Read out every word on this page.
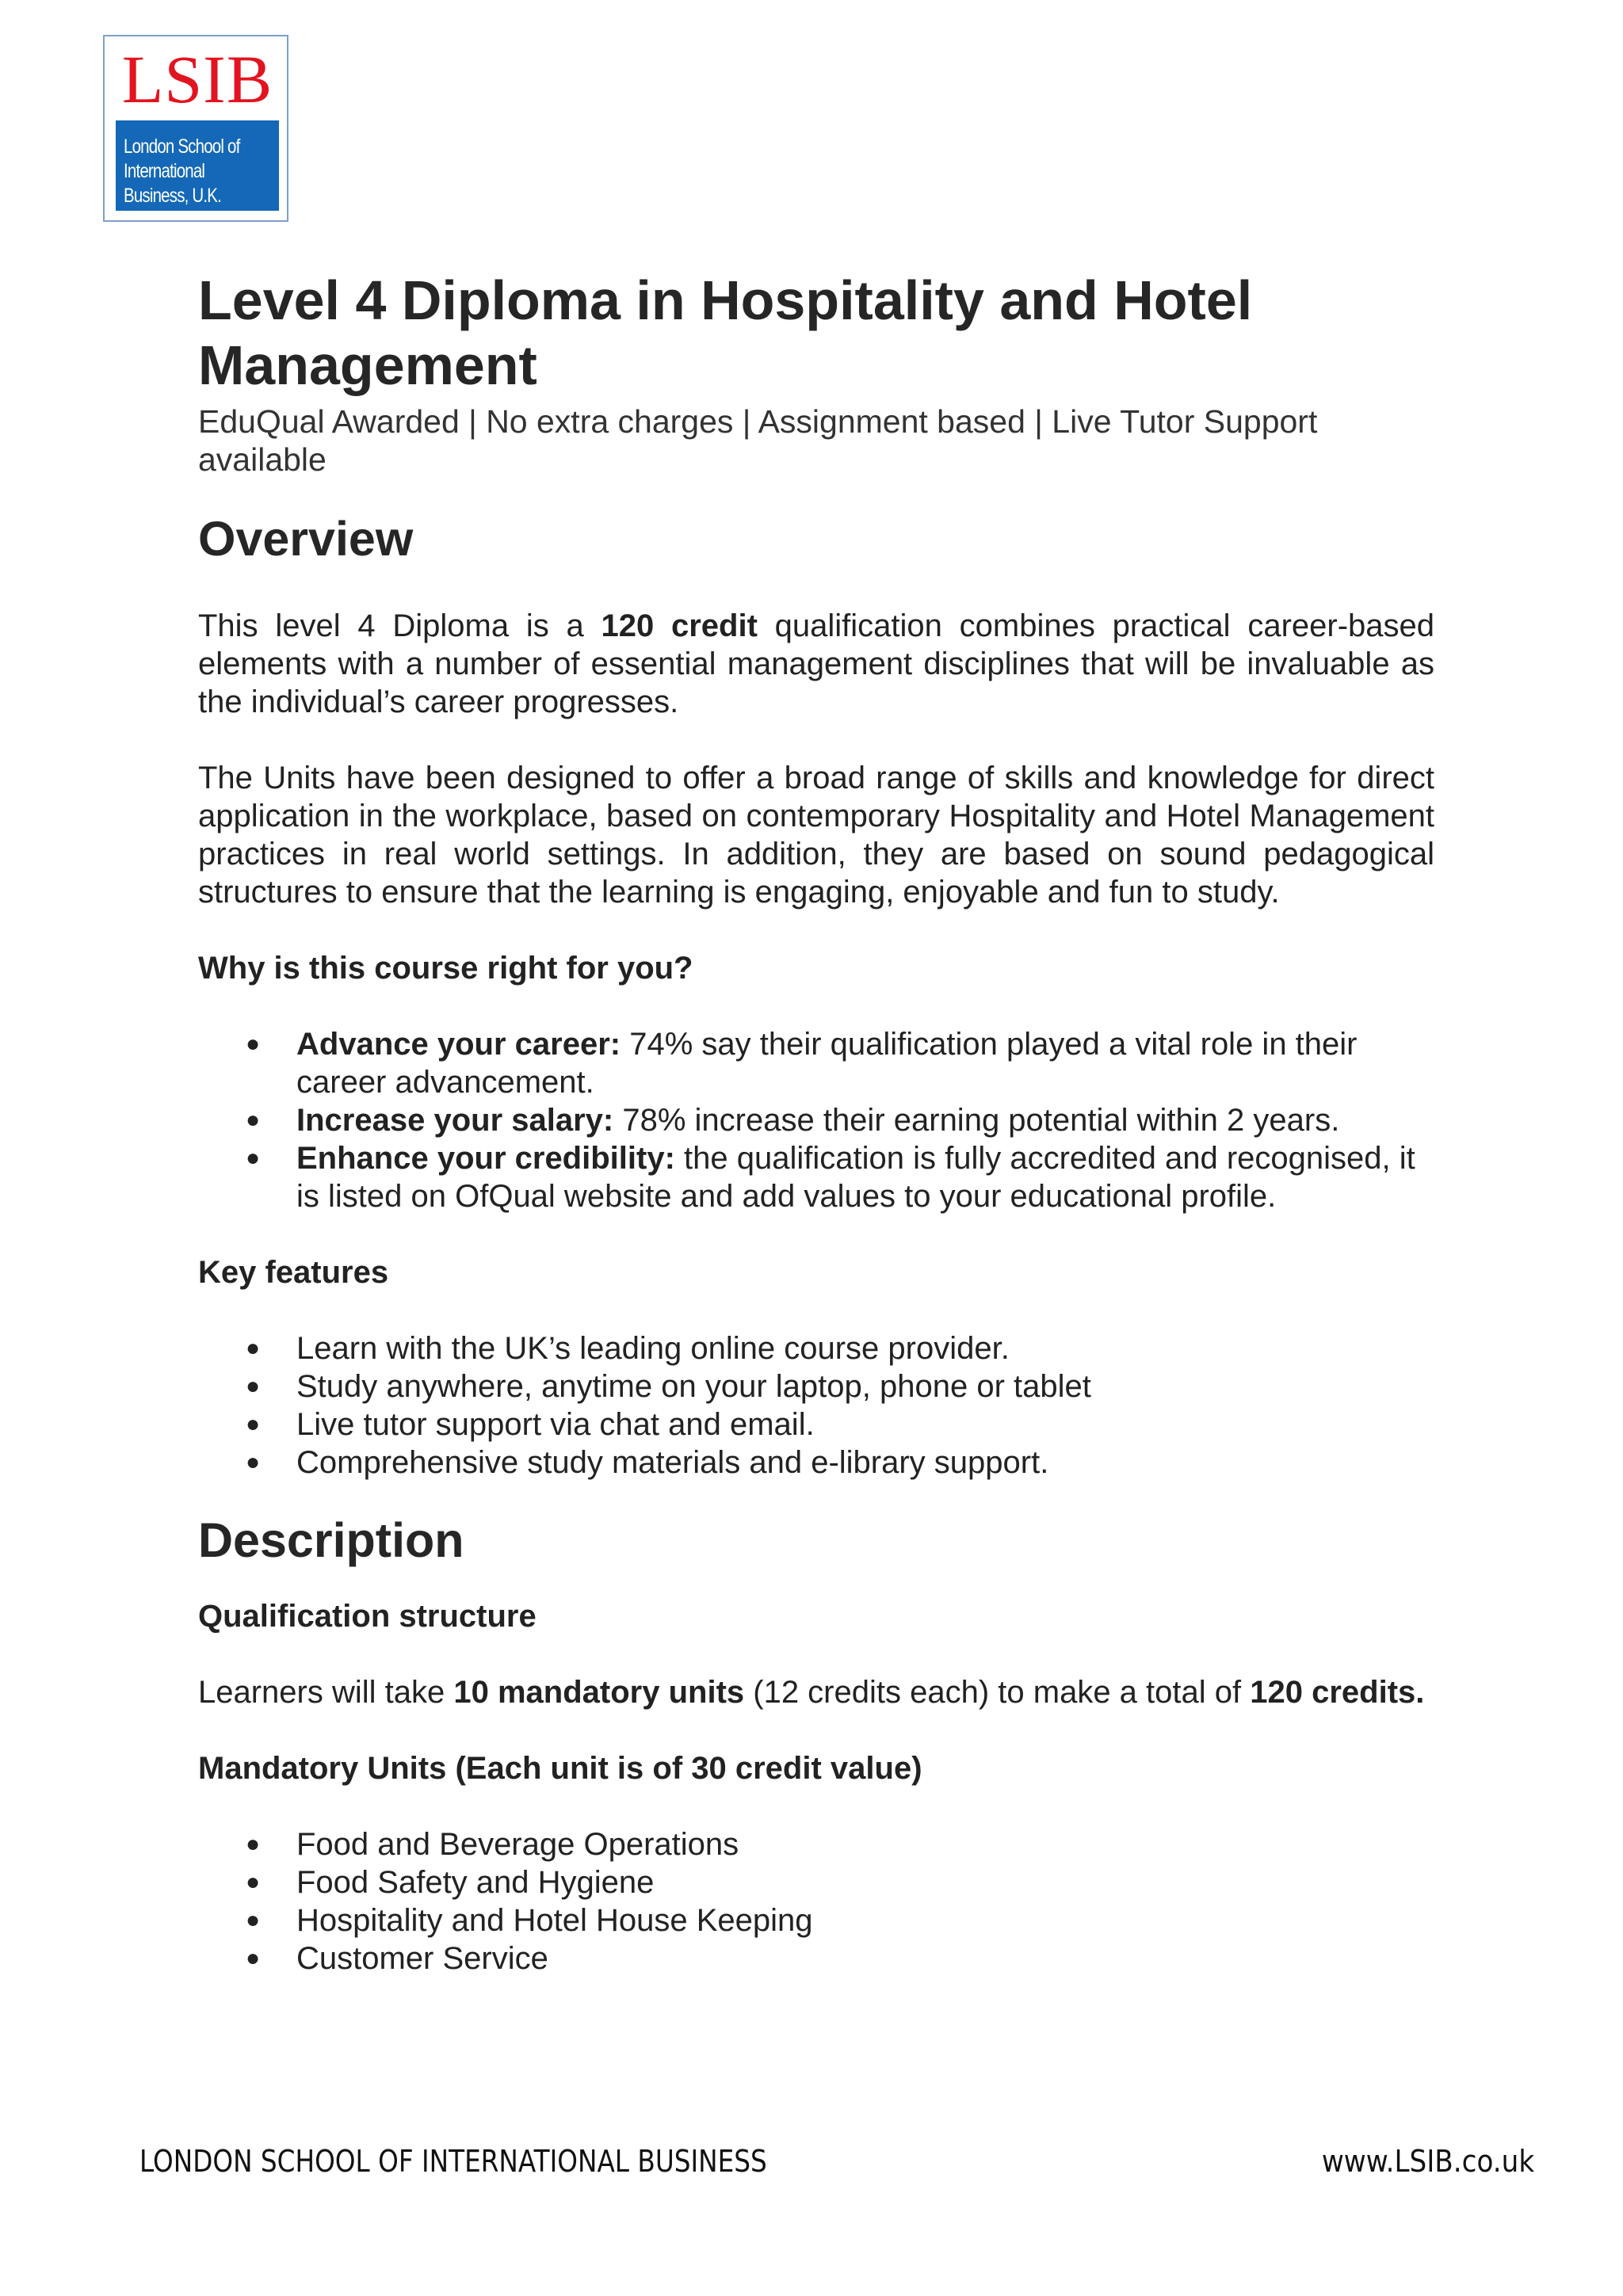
LSIB
London School of
International
Business, U.K.
Level 4 Diploma in Hospitality and Hotel Management
EduQual Awarded | No extra charges | Assignment based | Live Tutor Support available
Overview

This level 4 Diploma is a 120 credit qualification combines practical career-based elements with a number of essential management disciplines that will be invaluable as the individual’s career progresses.

The Units have been designed to offer a broad range of skills and knowledge for direct application in the workplace, based on contemporary Hospitality and Hotel Management practices in real world settings. In addition, they are based on sound pedagogical structures to ensure that the learning is engaging, enjoyable and fun to study.

Why is this course right for you?

● Advance your career: 74% say their qualification played a vital role in their career advancement.
● Increase your salary: 78% increase their earning potential within 2 years.
● Enhance your credibility: the qualification is fully accredited and recognised, it is listed on OfQual website and add values to your educational profile.

Key features

● Learn with the UK’s leading online course provider.
● Study anywhere, anytime on your laptop, phone or tablet
● Live tutor support via chat and email.
● Comprehensive study materials and e-library support.
Description

Qualification structure

Learners will take 10 mandatory units (12 credits each) to make a total of 120 credits.

Mandatory Units (Each unit is of 30 credit value)

● Food and Beverage Operations
● Food Safety and Hygiene
● Hospitality and Hotel House Keeping
● Customer Service
LONDON SCHOOL OF INTERNATIONAL BUSINESS	www.LSIB.co.uk
